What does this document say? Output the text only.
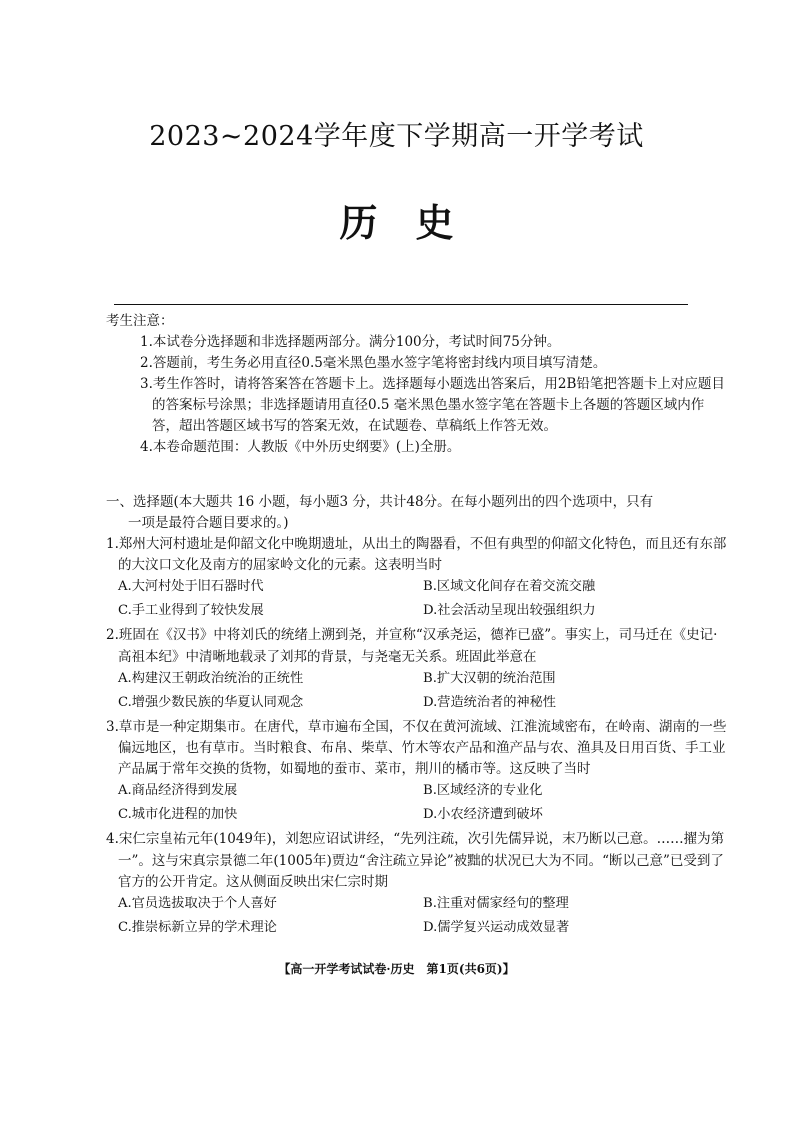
2023~2024学年度下学期高一开学考试
历史

考生注意：

1.本试卷分选择题和非选择题两部分。满分100分，考试时间75分钟。
2.答题前，考生务必用直径0.5毫米黑色墨水签字笔将密封线内项目填写清楚。
3.考生作答时，请将答案答在答题卡上。选择题每小题选出答案后，用2B铅笔把答题卡上对应题目的答案标号涂黑；非选择题请用直径0.5 毫米黑色墨水签字笔在答题卡上各题的答题区域内作答，超出答题区域书写的答案无效，在试题卷、草稿纸上作答无效。
4.本卷命题范围：人教版《中外历史纲要》(上)全册。

一、选择题(本大题共 16 小题，每小题3 分，共计48分。在每小题列出的四个选项中，只有

一项是最符合题目要求的。)

1.郑州大河村遗址是仰韶文化中晚期遗址，从出土的陶器看，不但有典型的仰韶文化特色，而且还有东部的大汶口文化及南方的屈家岭文化的元素。这表明当时

A.大河村处于旧石器时代	B.区域文化间存在着交流交融
C.手工业得到了较快发展	D.社会活动呈现出较强组织力

2.班固在《汉书》中将刘氏的统绪上溯到尧，并宣称“汉承尧运，德祚已盛”。事实上，司马迁在《史记·高祖本纪》中清晰地载录了刘邦的背景，与尧毫无关系。班固此举意在

A.构建汉王朝政治统治的正统性	B.扩大汉朝的统治范围
C.增强少数民族的华夏认同观念	D.营造统治者的神秘性

3.草市是一种定期集市。在唐代，草市遍布全国，不仅在黄河流域、江淮流域密布，在岭南、湖南的一些偏远地区，也有草市。当时粮食、布帛、柴草、竹木等农产品和渔产品与农、渔具及日用百货、手工业产品属于常年交换的货物，如蜀地的蚕市、菜市，荆川的橘市等。这反映了当时

A.商品经济得到发展	B.区域经济的专业化
C.城市化进程的加快	D.小农经济遭到破坏

4.宋仁宗皇祐元年(1049年)，刘恕应诏试讲经，“先列注疏，次引先儒异说，末乃断以己意。……擢为第一”。这与宋真宗景德二年(1005年)贾边“舍注疏立异论”被黜的状况已大为不同。“断以己意”已受到了官方的公开肯定。这从侧面反映出宋仁宗时期

A.官员选拔取决于个人喜好	B.注重对儒家经句的整理
C.推崇标新立异的学术理论	D.儒学复兴运动成效显著
【高一开学考试试卷·历史　第1页(共6页)】
